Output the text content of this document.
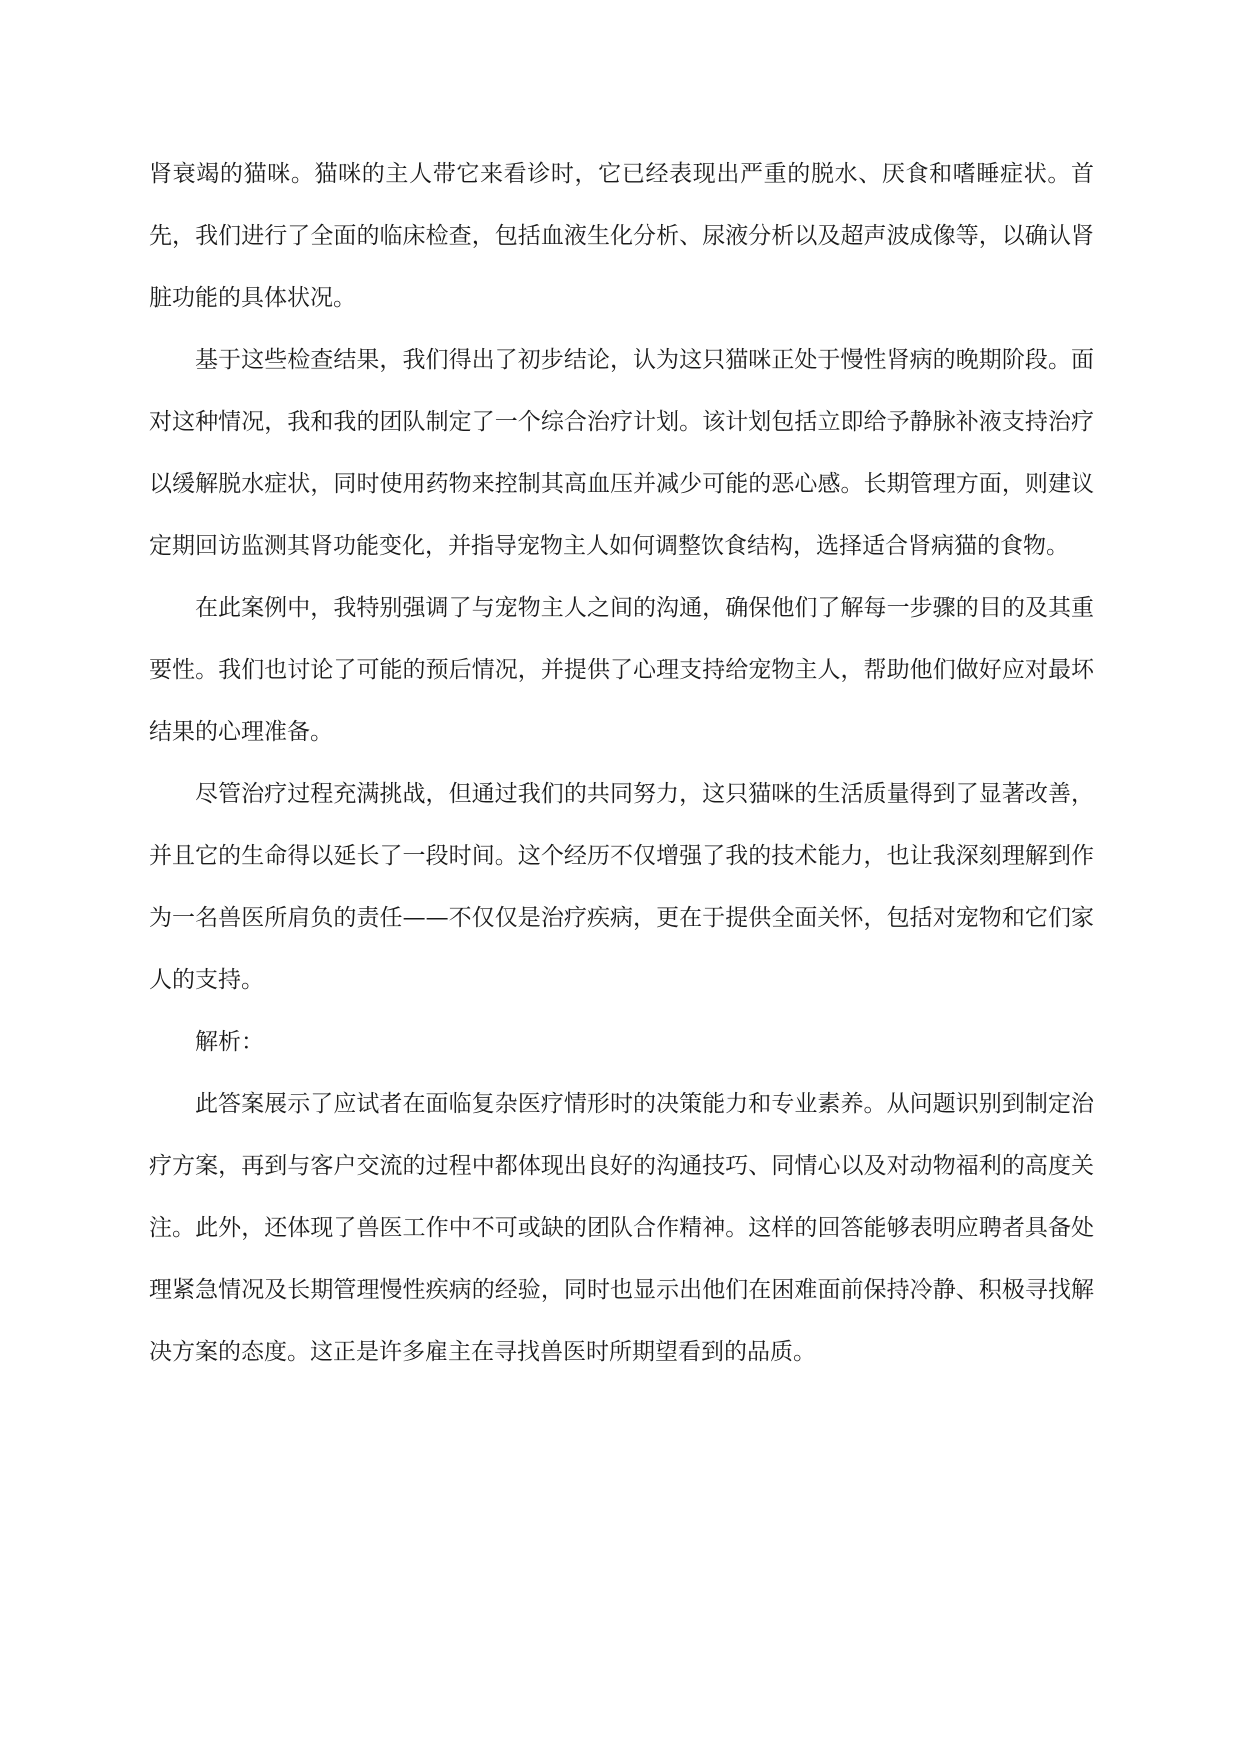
肾衰竭的猫咪。猫咪的主人带它来看诊时，它已经表现出严重的脱水、厌食和嗜睡症状。首先，我们进行了全面的临床检查，包括血液生化分析、尿液分析以及超声波成像等，以确认肾脏功能的具体状况。

基于这些检查结果，我们得出了初步结论，认为这只猫咪正处于慢性肾病的晚期阶段。面对这种情况，我和我的团队制定了一个综合治疗计划。该计划包括立即给予静脉补液支持治疗以缓解脱水症状，同时使用药物来控制其高血压并减少可能的恶心感。长期管理方面，则建议定期回访监测其肾功能变化，并指导宠物主人如何调整饮食结构，选择适合肾病猫的食物。

在此案例中，我特别强调了与宠物主人之间的沟通，确保他们了解每一步骤的目的及其重要性。我们也讨论了可能的预后情况，并提供了心理支持给宠物主人，帮助他们做好应对最坏结果的心理准备。

尽管治疗过程充满挑战，但通过我们的共同努力，这只猫咪的生活质量得到了显著改善，并且它的生命得以延长了一段时间。这个经历不仅增强了我的技术能力，也让我深刻理解到作为一名兽医所肩负的责任——不仅仅是治疗疾病，更在于提供全面关怀，包括对宠物和它们家人的支持。

解析：

此答案展示了应试者在面临复杂医疗情形时的决策能力和专业素养。从问题识别到制定治疗方案，再到与客户交流的过程中都体现出良好的沟通技巧、同情心以及对动物福利的高度关注。此外，还体现了兽医工作中不可或缺的团队合作精神。这样的回答能够表明应聘者具备处理紧急情况及长期管理慢性疾病的经验，同时也显示出他们在困难面前保持冷静、积极寻找解决方案的态度。这正是许多雇主在寻找兽医时所期望看到的品质。
